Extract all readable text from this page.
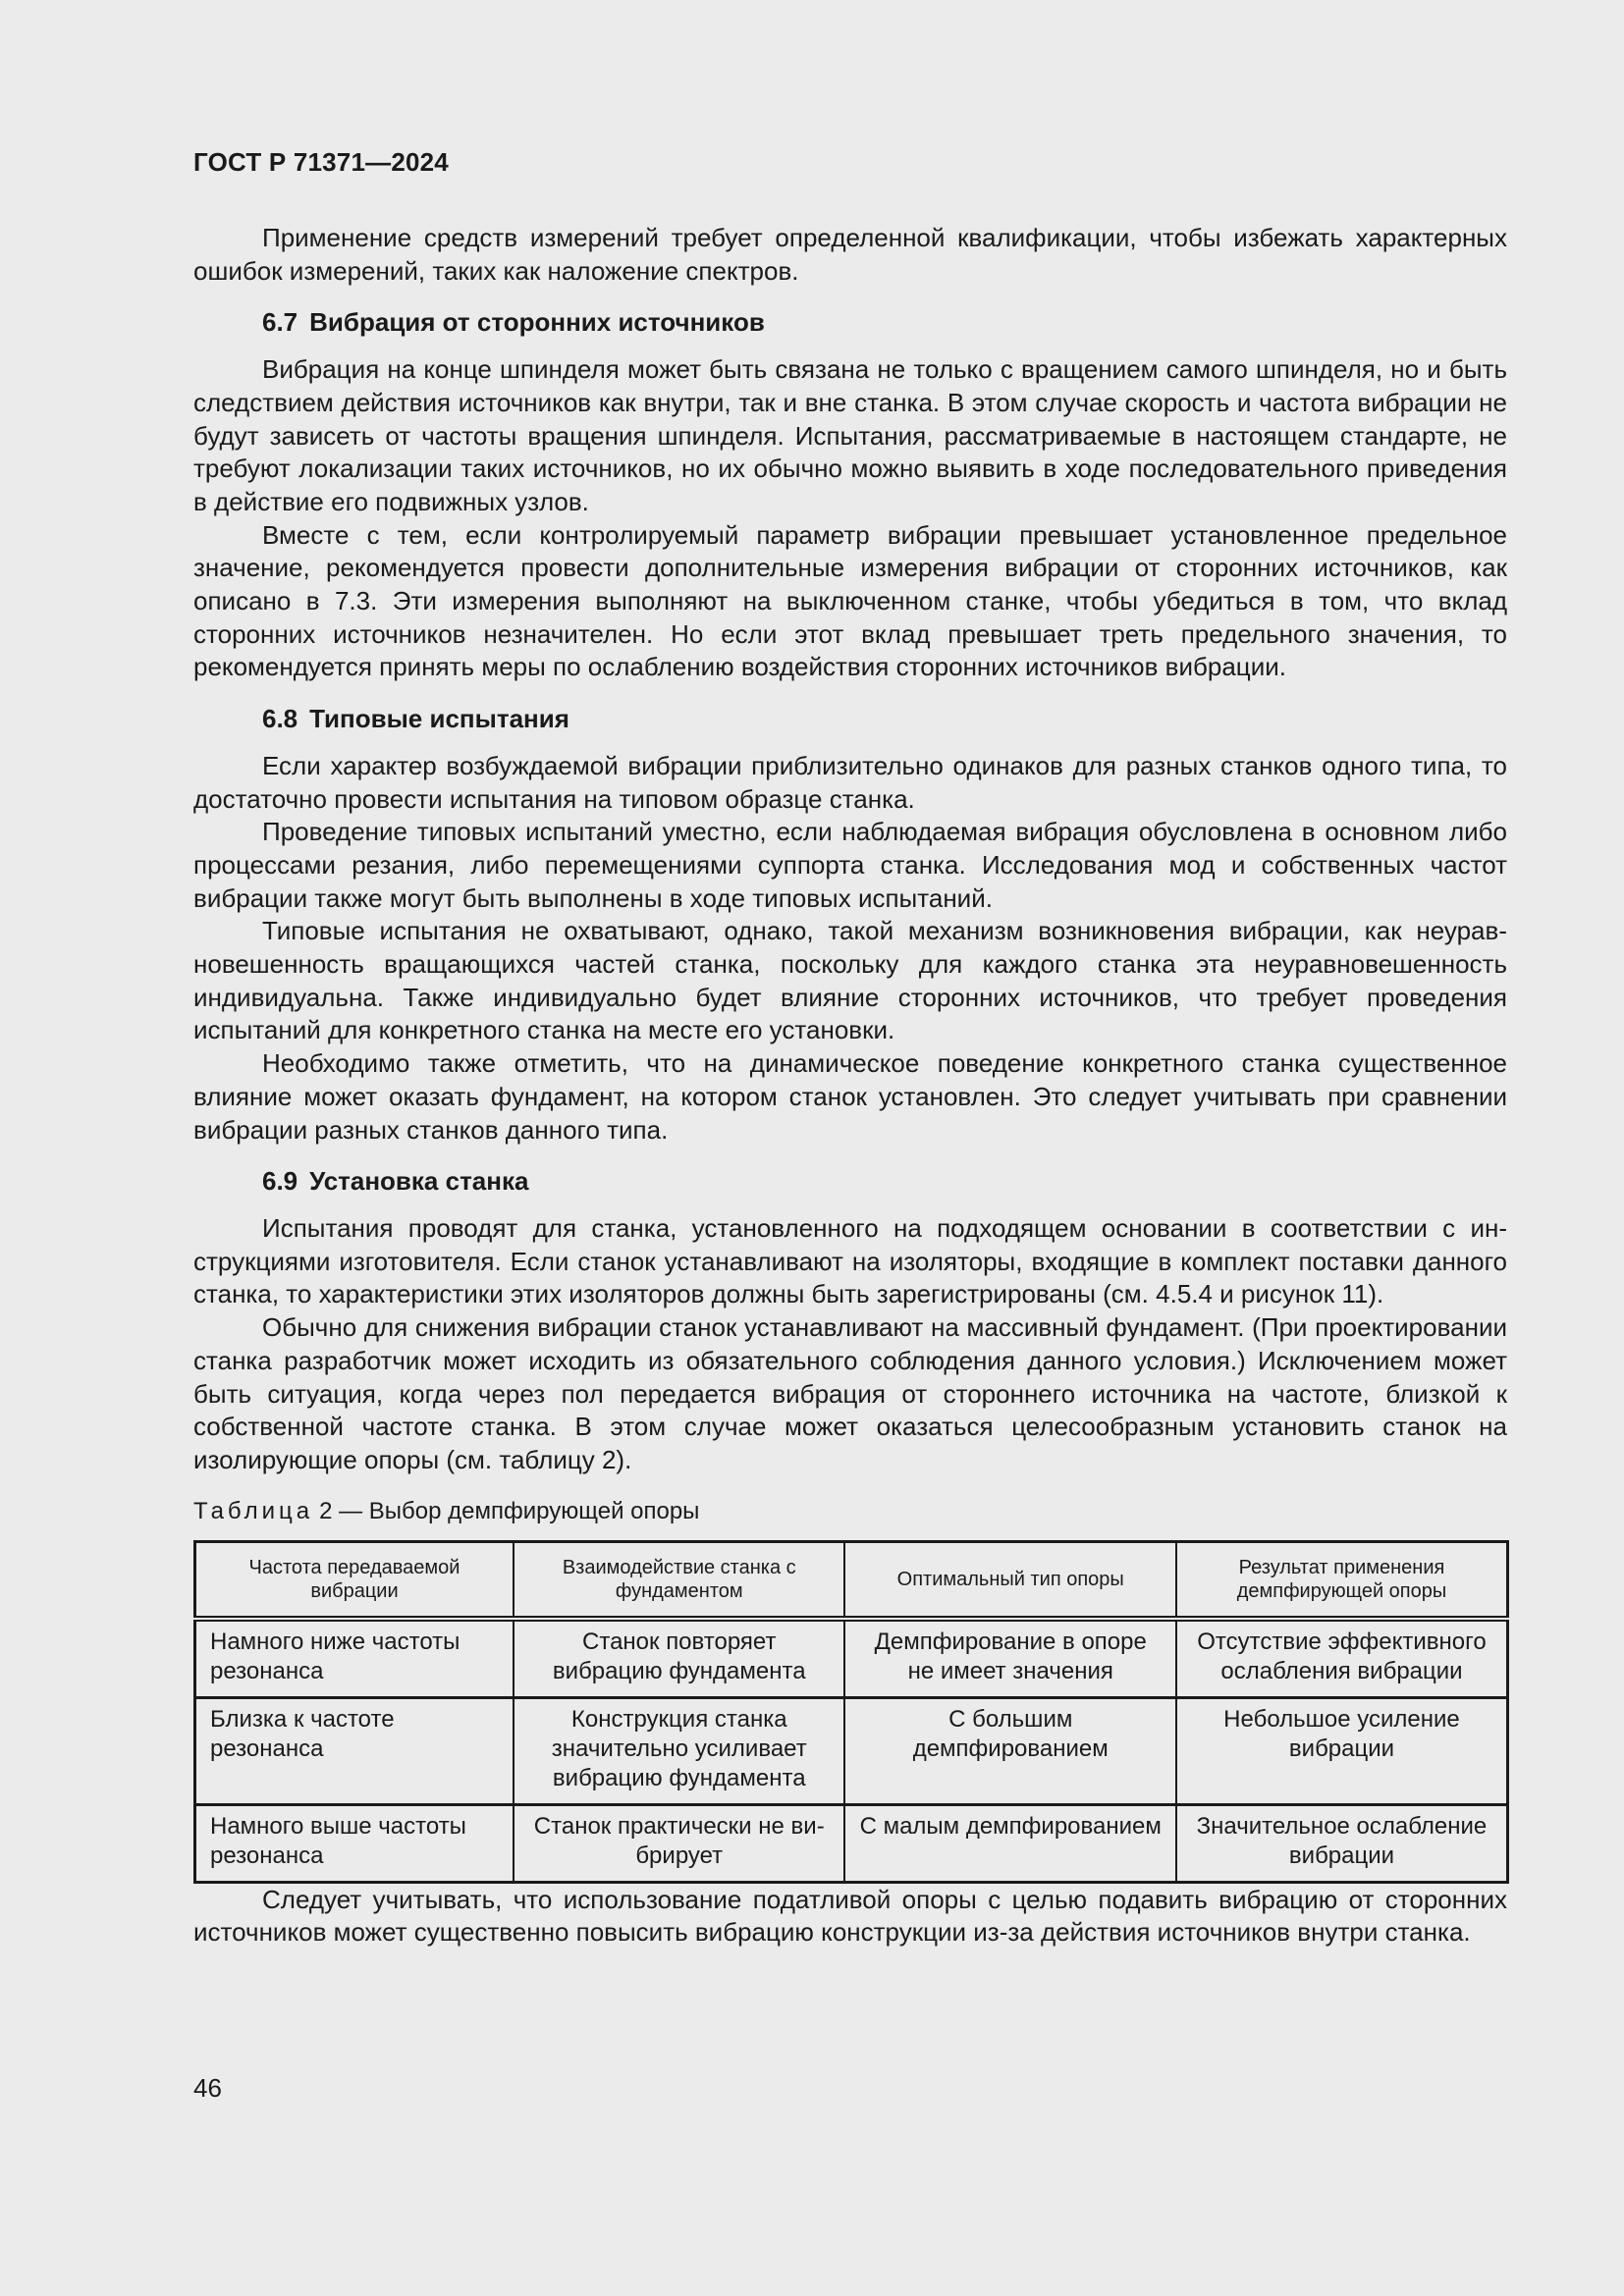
ГОСТ Р 71371—2024

Применение средств измерений требует определенной квалификации, чтобы избежать характерных ошибок измерений, таких как наложение спектров.

6.7 Вибрация от сторонних источников

Вибрация на конце шпинделя может быть связана не только с вращением самого шпинделя, но и быть следствием действия источников как внутри, так и вне станка. В этом случае скорость и частота вибрации не будут зависеть от частоты вращения шпинделя. Испытания, рассматриваемые в настоящем стандарте, не требуют локализации таких источников, но их обычно можно выявить в ходе последовательного приведения в действие его подвижных узлов.

Вместе с тем, если контролируемый параметр вибрации превышает установленное предельное значение, рекомендуется провести дополнительные измерения вибрации от сторонних источников, как описано в 7.3. Эти измерения выполняют на выключенном станке, чтобы убедиться в том, что вклад сторонних источников незначителен. Но если этот вклад превышает треть предельного значения, то рекомендуется принять меры по ослаблению воздействия сторонних источников вибрации.

6.8 Типовые испытания

Если характер возбуждаемой вибрации приблизительно одинаков для разных станков одного типа, то достаточно провести испытания на типовом образце станка.

Проведение типовых испытаний уместно, если наблюдаемая вибрация обусловлена в основном либо процессами резания, либо перемещениями суппорта станка. Исследования мод и собственных частот вибрации также могут быть выполнены в ходе типовых испытаний.

Типовые испытания не охватывают, однако, такой механизм возникновения вибрации, как неуравновешенность вращающихся частей станка, поскольку для каждого станка эта неуравновешенность индивидуальна. Также индивидуально будет влияние сторонних источников, что требует проведения испытаний для конкретного станка на месте его установки.

Необходимо также отметить, что на динамическое поведение конкретного станка существенное влияние может оказать фундамент, на котором станок установлен. Это следует учитывать при сравнении вибрации разных станков данного типа.

6.9 Установка станка

Испытания проводят для станка, установленного на подходящем основании в соответствии с инструкциями изготовителя. Если станок устанавливают на изоляторы, входящие в комплект поставки данного станка, то характеристики этих изоляторов должны быть зарегистрированы (см. 4.5.4 и рисунок 11).

Обычно для снижения вибрации станок устанавливают на массивный фундамент. (При проектировании станка разработчик может исходить из обязательного соблюдения данного условия.) Исключением может быть ситуация, когда через пол передается вибрация от стороннего источника на частоте, близкой к собственной частоте станка. В этом случае может оказаться целесообразным установить станок на изолирующие опоры (см. таблицу 2).

Таблица 2 — Выбор демпфирующей опоры
Частота передаваемой вибрации	Взаимодействие станка с фундаментом	Оптимальный тип опоры	Результат применения демпфирующей опоры
Намного ниже частоты резонанса	Станок повторяет вибрацию фундамента	Демпфирование в опоре не имеет значения	Отсутствие эффективного ослабления вибрации
Близка к частоте резонанса	Конструкция станка значительно усиливает вибрацию фундамента	С большим демпфированием	Небольшое усиление вибрации
Намного выше частоты резонанса	Станок практически не вибрирует	С малым демпфированием	Значительное ослабление вибрации

Следует учитывать, что использование податливой опоры с целью подавить вибрацию от сторонних источников может существенно повысить вибрацию конструкции из-за действия источников внутри станка.

46
